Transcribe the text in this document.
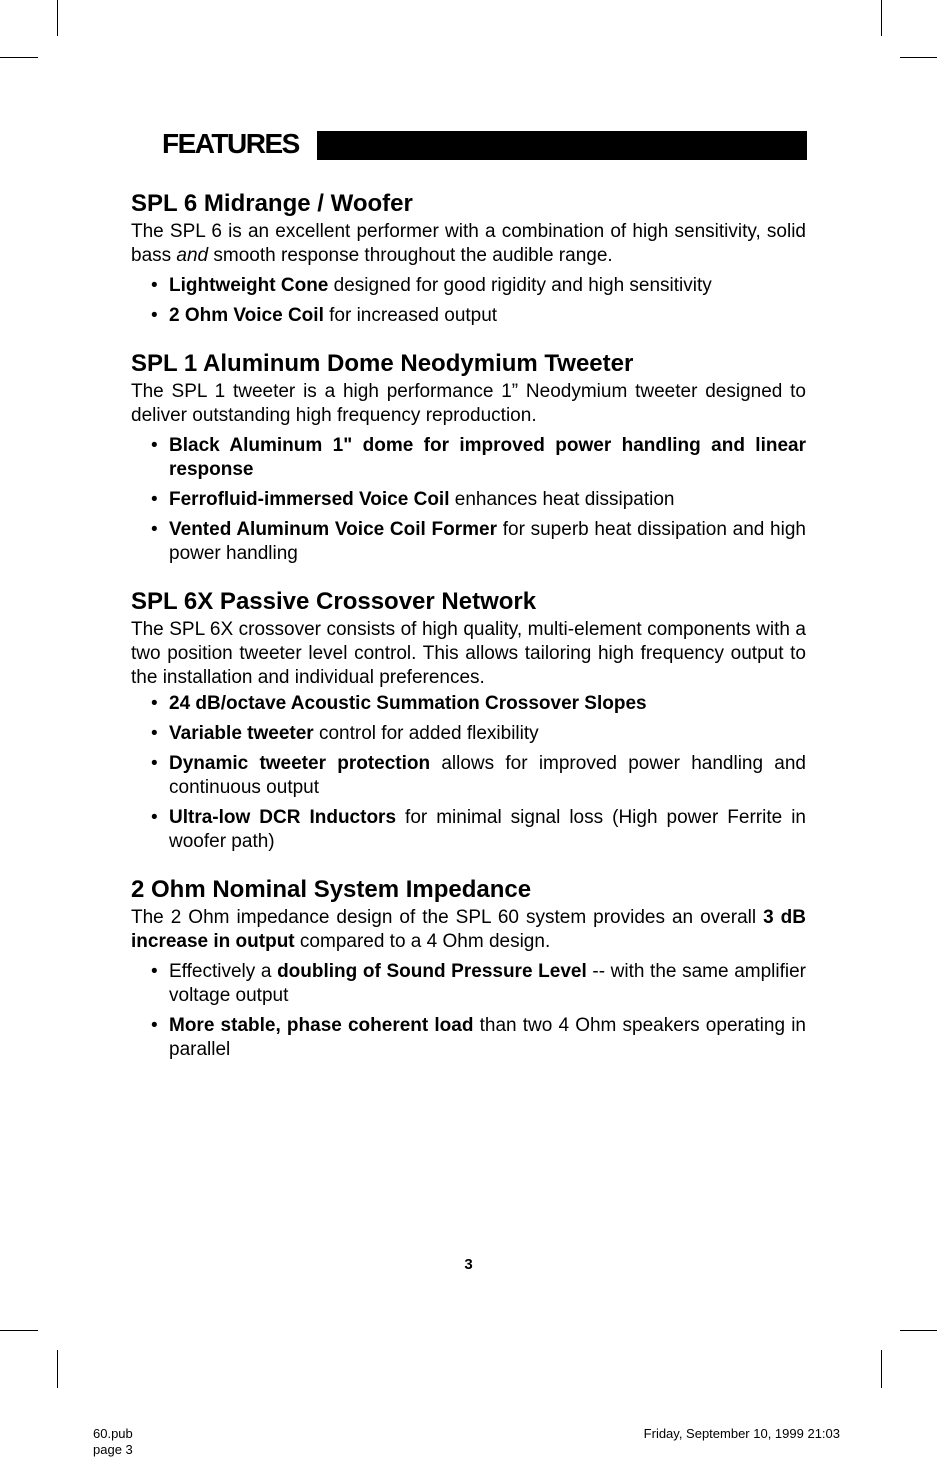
FEATURES
SPL 6 Midrange / Woofer

The SPL 6 is an excellent performer with a combination of high sensitivity, solid bass and smooth response throughout the audible range.

• Lightweight Cone designed for good rigidity and high sensitivity
• 2 Ohm Voice Coil for increased output
SPL 1 Aluminum Dome Neodymium Tweeter

The SPL 1 tweeter is a high performance 1” Neodymium tweeter designed to deliver outstanding high frequency reproduction.

• Black Aluminum 1" dome for improved power handling and linear response
• Ferrofluid-immersed Voice Coil enhances heat dissipation
• Vented Aluminum Voice Coil Former for superb heat dissipation and high power handling
SPL 6X Passive Crossover Network

The SPL 6X crossover consists of high quality, multi-element components with a two position tweeter level control. This allows tailoring high frequency output to the installation and individual preferences.

• 24 dB/octave Acoustic Summation Crossover Slopes
• Variable tweeter control for added flexibility
• Dynamic tweeter protection allows for improved power handling and continuous output
• Ultra-low DCR Inductors for minimal signal loss (High power Ferrite in woofer path)
2 Ohm Nominal System Impedance

The 2 Ohm impedance design of the SPL 60 system provides an overall 3 dB increase in output compared to a 4 Ohm design.

• Effectively a doubling of Sound Pressure Level -- with the same amplifier voltage output
• More stable, phase coherent load than two 4 Ohm speakers operating in parallel
3
60.pub
page 3
Friday, September 10, 1999 21:03
